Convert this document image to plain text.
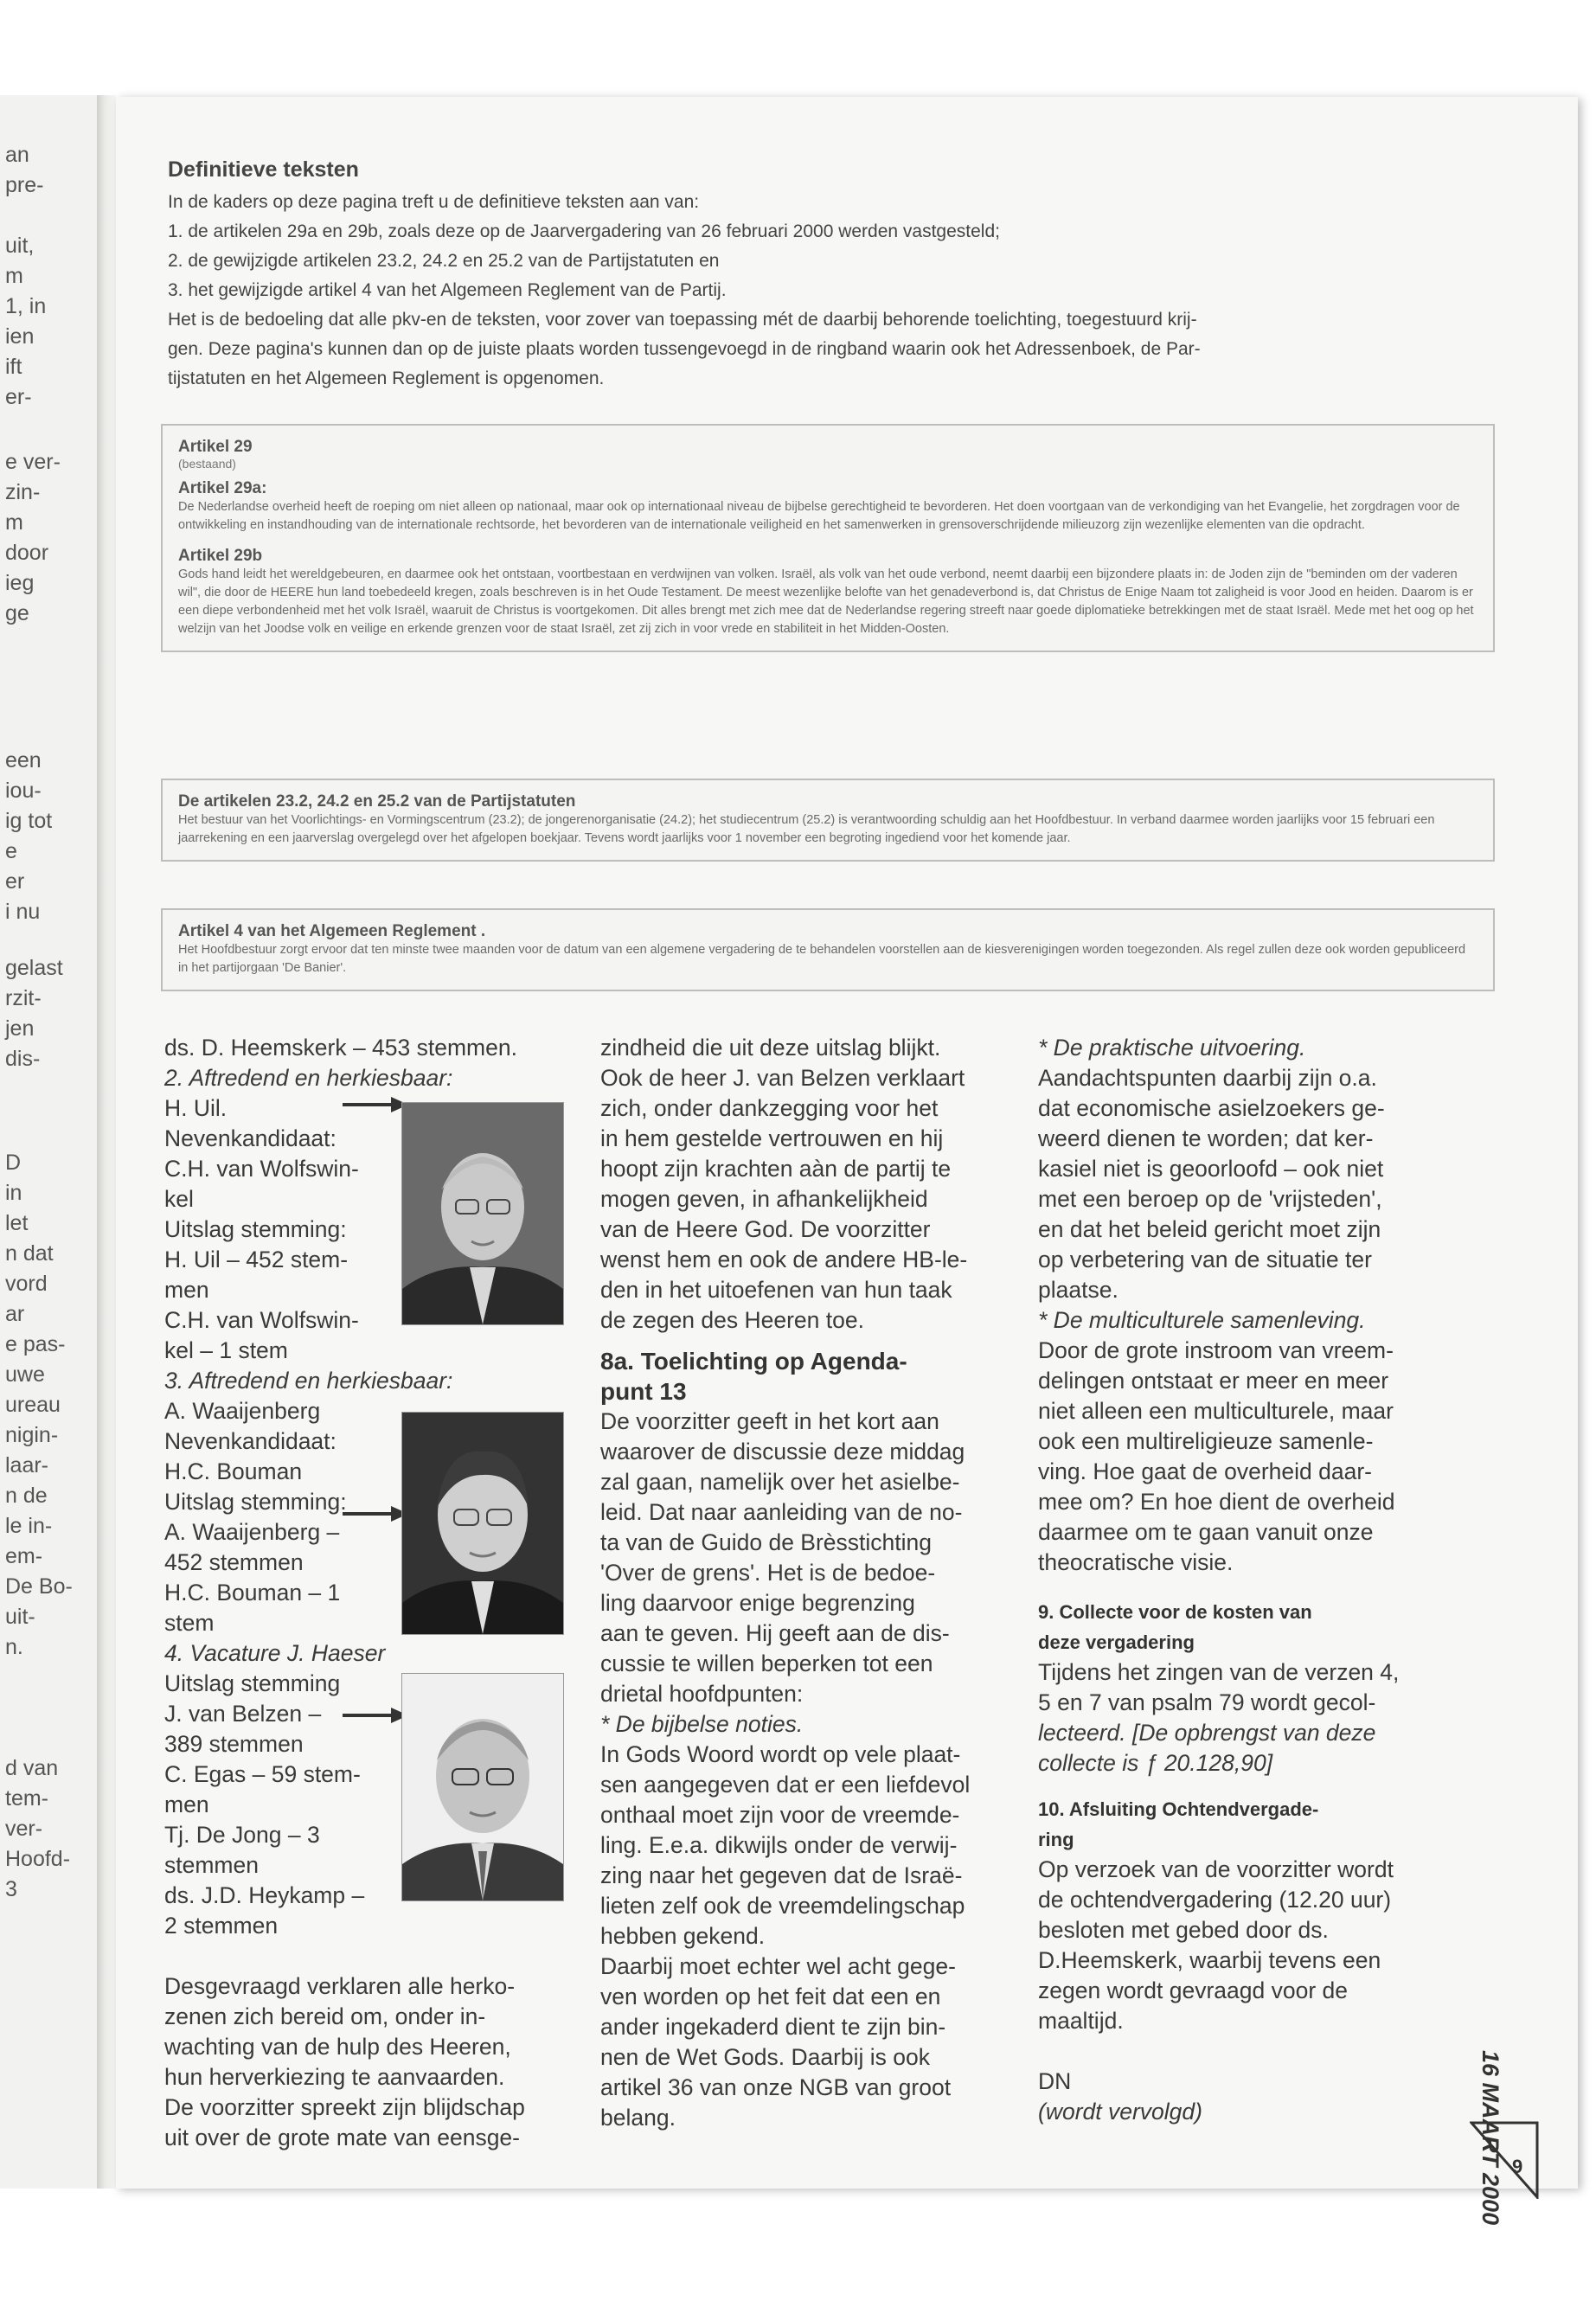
an
pre-
uit,
m
1, in
ien
ift
er-
e ver-
zin-
m
door
ieg
ge
een
iou-
ig tot
e
er
i nu
gelast
rzit-
jen
dis-
D
in
let
n dat
vord
ar
e pas-
uwe
ureau
nigin-
laar-
n de
le in-
em-
De Bo-
uit-
n.
d van
tem-
ver-
Hoofd-
3
Definitieve teksten

In de kaders op deze pagina treft u de definitieve teksten aan van:

1. de artikelen 29a en 29b, zoals deze op de Jaarvergadering van 26 februari 2000 werden vastgesteld;

2. de gewijzigde artikelen 23.2, 24.2 en 25.2 van de Partijstatuten en

3. het gewijzigde artikel 4 van het Algemeen Reglement van de Partij.

Het is de bedoeling dat alle pkv-en de teksten, voor zover van toepassing mét de daarbij behorende toelichting, toegestuurd krij-

gen. Deze pagina's kunnen dan op de juiste plaats worden tussengevoegd in de ringband waarin ook het Adressenboek, de Par-

tijstatuten en het Algemeen Reglement is opgenomen.

Artikel 29

(bestaand)

Artikel 29a:

De Nederlandse overheid heeft de roeping om niet alleen op nationaal, maar ook op internationaal niveau de bijbelse gerechtigheid te bevorderen. Het doen voortgaan van de verkondiging van het Evangelie, het zorgdragen voor de ontwikkeling en instandhouding van de internationale rechtsorde, het bevorderen van de internationale veiligheid en het samenwerken in grensoverschrijdende milieuzorg zijn wezenlijke elementen van die opdracht.

Artikel 29b

Gods hand leidt het wereldgebeuren, en daarmee ook het ontstaan, voortbestaan en verdwijnen van volken. Israël, als volk van het oude verbond, neemt daarbij een bijzondere plaats in: de Joden zijn de "beminden om der vaderen wil", die door de HEERE hun land toebedeeld kregen, zoals beschreven is in het Oude Testament. De meest wezenlijke belofte van het genadeverbond is, dat Christus de Enige Naam tot zaligheid is voor Jood en heiden. Daarom is er een diepe verbondenheid met het volk Israël, waaruit de Christus is voortgekomen. Dit alles brengt met zich mee dat de Nederlandse regering streeft naar goede diplomatieke betrekkingen met de staat Israël. Mede met het oog op het welzijn van het Joodse volk en veilige en erkende grenzen voor de staat Israël, zet zij zich in voor vrede en stabiliteit in het Midden-Oosten.

De artikelen 23.2, 24.2 en 25.2 van de Partijstatuten

Het bestuur van het Voorlichtings- en Vormingscentrum (23.2); de jongerenorganisatie (24.2); het studiecentrum (25.2) is verantwoording schuldig aan het Hoofdbestuur. In verband daarmee worden jaarlijks voor 15 februari een jaarrekening en een jaarverslag overgelegd over het afgelopen boekjaar. Tevens wordt jaarlijks voor 1 november een begroting ingediend voor het komende jaar.

Artikel 4 van het Algemeen Reglement .

Het Hoofdbestuur zorgt ervoor dat ten minste twee maanden voor de datum van een algemene vergadering de te behandelen voorstellen aan de kiesverenigingen worden toegezonden. Als regel zullen deze ook worden gepubliceerd in het partijorgaan 'De Banier'.

ds. D. Heemskerk – 453 stemmen.

2. Aftredend en herkiesbaar:

H. Uil.

Nevenkandidaat:

C.H. van Wolfswin-

kel

Uitslag stemming:

H. Uil – 452 stem-

men

C.H. van Wolfswin-

kel – 1 stem

3. Aftredend en herkiesbaar:

A. Waaijenberg

Nevenkandidaat:

H.C. Bouman

Uitslag stemming:

A. Waaijenberg –

452 stemmen

H.C. Bouman – 1

stem

4. Vacature J. Haeser

Uitslag stemming

J. van Belzen –

389 stemmen

C. Egas – 59 stem-

men

Tj. De Jong – 3

stemmen

ds. J.D. Heykamp –

2 stemmen

Desgevraagd verklaren alle herko-

zenen zich bereid om, onder in-

wachting van de hulp des Heeren,

hun herverkiezing te aanvaarden.

De voorzitter spreekt zijn blijdschap

uit over de grote mate van eensge-

zindheid die uit deze uitslag blijkt.

Ook de heer J. van Belzen verklaart

zich, onder dankzegging voor het

in hem gestelde vertrouwen en hij

hoopt zijn krachten aàn de partij te

mogen geven, in afhankelijkheid

van de Heere God. De voorzitter

wenst hem en ook de andere HB-le-

den in het uitoefenen van hun taak

de zegen des Heeren toe.

8a. Toelichting op Agenda-
punt 13

De voorzitter geeft in het kort aan

waarover de discussie deze middag

zal gaan, namelijk over het asielbe-

leid. Dat naar aanleiding van de no-

ta van de Guido de Brèsstichting

'Over de grens'. Het is de bedoe-

ling daarvoor enige begrenzing

aan te geven. Hij geeft aan de dis-

cussie te willen beperken tot een

drietal hoofdpunten:

* De bijbelse noties.

In Gods Woord wordt op vele plaat-

sen aangegeven dat er een liefdevol

onthaal moet zijn voor de vreemde-

ling. E.e.a. dikwijls onder de verwij-

zing naar het gegeven dat de Israë-

lieten zelf ook de vreemdelingschap

hebben gekend.

Daarbij moet echter wel acht gege-

ven worden op het feit dat een en

ander ingekaderd dient te zijn bin-

nen de Wet Gods. Daarbij is ook

artikel 36 van onze NGB van groot

belang.

* De praktische uitvoering.

Aandachtspunten daarbij zijn o.a.

dat economische asielzoekers ge-

weerd dienen te worden; dat ker-

kasiel niet is geoorloofd – ook niet

met een beroep op de 'vrijsteden',

en dat het beleid gericht moet zijn

op verbetering van de situatie ter

plaatse.

* De multiculturele samenleving.

Door de grote instroom van vreem-

delingen ontstaat er meer en meer

niet alleen een multiculturele, maar

ook een multireligieuze samenle-

ving. Hoe gaat de overheid daar-

mee om? En hoe dient de overheid

daarmee om te gaan vanuit onze

theocratische visie.

9. Collecte voor de kosten van
deze vergadering

Tijdens het zingen van de verzen 4,

5 en 7 van psalm 79 wordt gecol-

lecteerd. [De opbrengst van deze

collecte is ƒ 20.128,90]

10. Afsluiting Ochtendvergade-
ring

Op verzoek van de voorzitter wordt

de ochtendvergadering (12.20 uur)

besloten met gebed door ds.

D.Heemskerk, waarbij tevens een

zegen wordt gevraagd voor de

maaltijd.

DN

(wordt vervolgd)	16 MAART 2000 9
